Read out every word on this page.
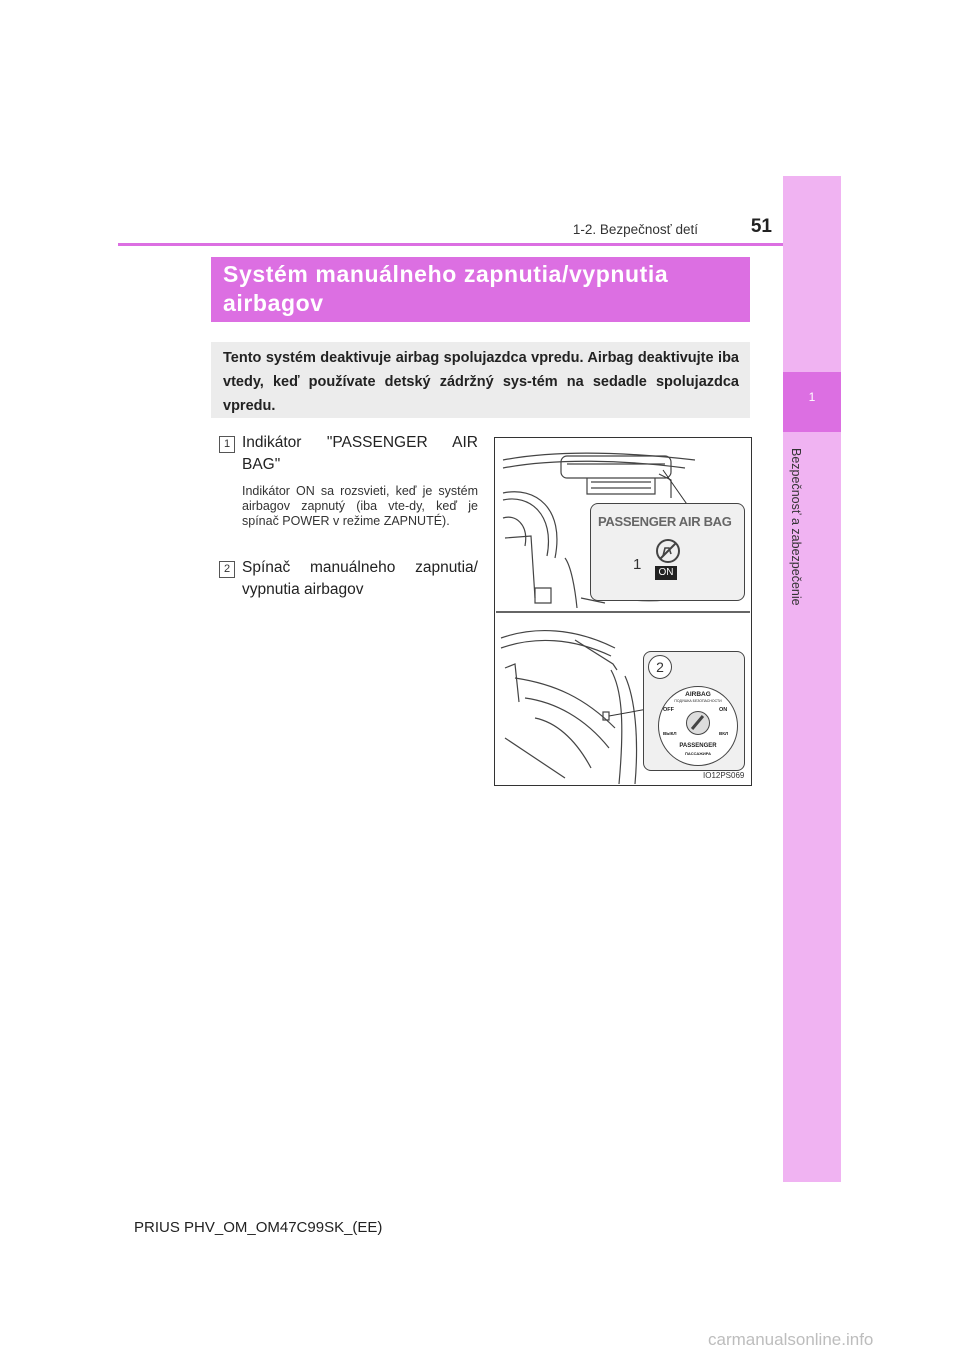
1
Bezpečnosť a zabezpečenie
1-2. Bezpečnosť detí	51
Systém manuálneho zapnutia/vypnutia airbagov
Tento systém deaktivuje airbag spolujazdca vpredu. Airbag deaktivujte iba vtedy, keď používate detský zádržný sys-tém na sedadle spolujazdca vpredu.
1 Indikátor "PASSENGER AIR BAG"
Indikátor ON sa rozsvieti, keď je systém airbagov zapnutý (iba vte-dy, keď je spínač POWER v režime ZAPNUTÉ).
2 Spínač manuálneho zapnutia/ vypnutia airbagov
PASSENGER AIR BAG
ON
1
2
AIRBAG
ПОДУШКА БЕЗОПАСНОСТИ
OFF	ON
ВЫКЛ	ВКЛ
PASSENGER
ПАССАЖИРА
IO12PS069
PRIUS PHV_OM_OM47C99SK_(EE)
carmanualsonline.info
